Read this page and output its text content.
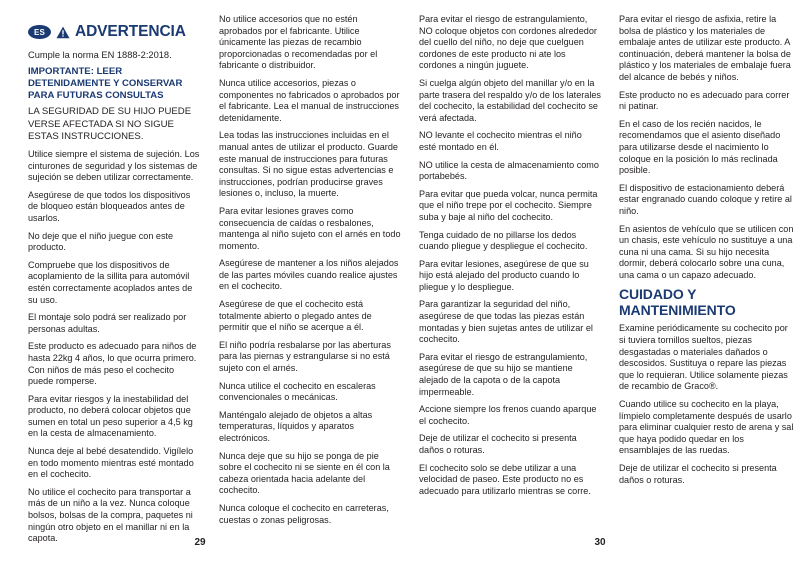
ES	ADVERTENCIA

Cumple la norma EN 1888-2:2018.

IMPORTANTE: LEER DETENIDAMENTE Y CONSERVAR PARA FUTURAS CONSULTAS

LA SEGURIDAD DE SU HIJO PUEDE VERSE AFECTADA SI NO SIGUE ESTAS INSTRUCCIONES.

Utilice siempre el sistema de sujeción. Los cinturones de seguridad y los sistemas de sujeción se deben utilizar correctamente.

Asegúrese de que todos los dispositivos de bloqueo están bloqueados antes de usarlos.

No deje que el niño juegue con este producto.

Compruebe que los dispositivos de acoplamiento de la sillita para automóvil estén correctamente acoplados antes de su uso.

El montaje solo podrá ser realizado por personas adultas.

Este producto es adecuado para niños de hasta 22kg 4 años, lo que ocurra primero. Con niños de más peso el cochecito puede romperse.

Para evitar riesgos y la inestabilidad del producto, no deberá colocar objetos que sumen en total un peso superior a 4,5 kg en la cesta de almacenamiento.

Nunca deje al bebé desatendido. Vigílelo en todo momento mientras esté montado en el cochecito.

No utilice el cochecito para transportar a más de un niño a la vez. Nunca coloque bolsos, bolsas de la compra, paquetes ni ningún otro objeto en el manillar ni en la capota.

No utilice accesorios que no estén aprobados por el fabricante. Utilice únicamente las piezas de recambio proporcionadas o recomendadas por el fabricante o distribuidor.

Nunca utilice accesorios, piezas o componentes no fabricados o aprobados por el fabricante. Lea el manual de instrucciones detenidamente.

Lea todas las instrucciones incluidas en el manual antes de utilizar el producto. Guarde este manual de instrucciones para futuras consultas. Si no sigue estas advertencias e instrucciones, podrían producirse graves lesiones o, incluso, la muerte.

Para evitar lesiones graves como consecuencia de caídas o resbalones, mantenga al niño sujeto con el arnés en todo momento.

Asegúrese de mantener a los niños alejados de las partes móviles cuando realice ajustes en el cochecito.

Asegúrese de que el cochecito está totalmente abierto o plegado antes de permitir que el niño se acerque a él.

El niño podría resbalarse por las aberturas para las piernas y estrangularse si no está sujeto con el arnés.

Nunca utilice el cochecito en escaleras convencionales o mecánicas.

Manténgalo alejado de objetos a altas temperaturas, líquidos y aparatos electrónicos.

Nunca deje que su hijo se ponga de pie sobre el cochecito ni se siente en él con la cabeza orientada hacia adelante del cochecito.

Nunca coloque el cochecito en carreteras, cuestas o zonas peligrosas.

Para evitar el riesgo de estrangulamiento, NO coloque objetos con cordones alrededor del cuello del niño, no deje que cuelguen cordones de este producto ni ate los cordones a ningún juguete.

Si cuelga algún objeto del manillar y/o en la parte trasera del respaldo y/o de los laterales del cochecito, la estabilidad del cochecito se verá afectada.

NO levante el cochecito mientras el niño esté montado en él.

NO utilice la cesta de almacenamiento como portabebés.

Para evitar que pueda volcar, nunca permita que el niño trepe por el cochecito. Siempre suba y baje al niño del cochecito.

Tenga cuidado de no pillarse los dedos cuando pliegue y despliegue el cochecito.

Para evitar lesiones, asegúrese de que su hijo está alejado del producto cuando lo pliegue y lo despliegue.

Para garantizar la seguridad del niño, asegúrese de que todas las piezas están montadas y bien sujetas antes de utilizar el cochecito.

Para evitar el riesgo de estrangulamiento, asegúrese de que su hijo se mantiene alejado de la capota o de la capota impermeable.

Accione siempre los frenos cuando aparque el cochecito.

Deje de utilizar el cochecito si presenta daños o roturas.

El cochecito solo se debe utilizar a una velocidad de paseo. Este producto no es adecuado para utilizarlo mientras se corre.

Para evitar el riesgo de asfixia, retire la bolsa de plástico y los materiales de embalaje antes de utilizar este producto. A continuación, deberá mantener la bolsa de plástico y los materiales de embalaje fuera del alcance de bebés y niños.

Este producto no es adecuado para correr ni patinar.

En el caso de los recién nacidos, le recomendamos que el asiento diseñado para utilizarse desde el nacimiento lo coloque en la posición lo más reclinada posible.

El dispositivo de estacionamiento deberá estar engranado cuando coloque y retire al niño.

En asientos de vehículo que se utilicen con un chasis, este vehículo no sustituye a una cuna ni una cama. Si su hijo necesita dormir, deberá colocarlo sobre una cuna, una cama o un capazo adecuado.

CUIDADO Y MANTENIMIENTO

Examine periódicamente su cochecito por si tuviera tornillos sueltos, piezas desgastadas o materiales dañados o descosidos. Sustituya o repare las piezas que lo requieran. Utilice solamente piezas de recambio de Graco®.

Cuando utilice su cochecito en la playa, límpielo completamente después de usarlo para eliminar cualquier resto de arena y sal que haya podido quedar en los ensamblajes de las ruedas.

Deje de utilizar el cochecito si presenta daños o roturas.

29	30
